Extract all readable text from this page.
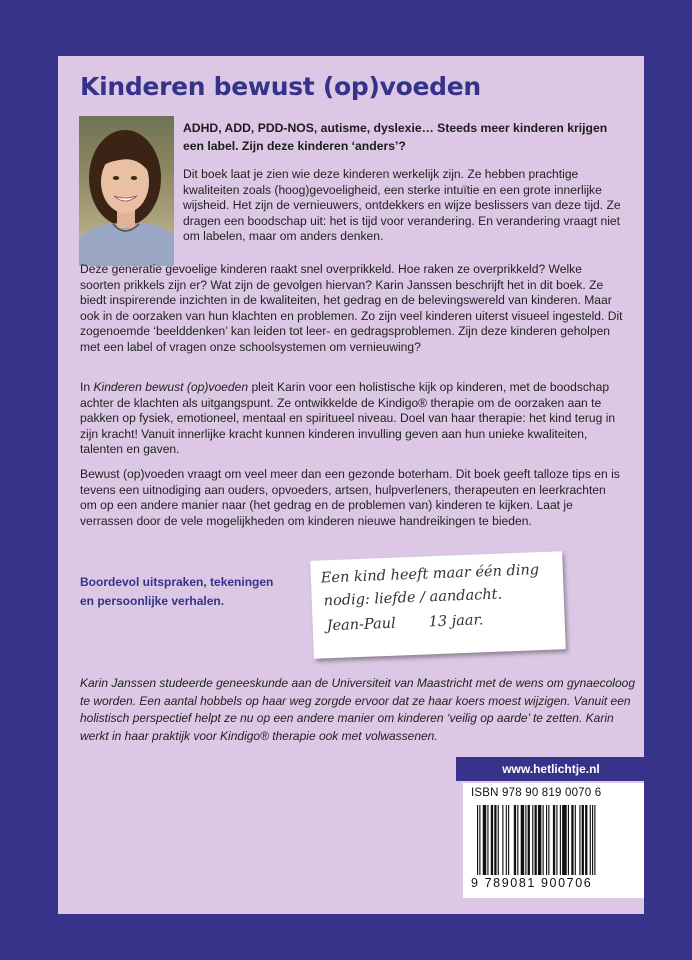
Kinderen bewust (op)voeden

ADHD, ADD, PDD-NOS, autisme, dyslexie… Steeds meer kinderen krijgen een label. Zijn deze kinderen ‘anders’?

Dit boek laat je zien wie deze kinderen werkelijk zijn. Ze hebben prachtige kwaliteiten zoals (hoog)gevoeligheid, een sterke intuïtie en een grote innerlijke wijsheid. Het zijn de vernieuwers, ontdekkers en wijze beslissers van deze tijd. Ze dragen een boodschap uit: het is tijd voor verandering. En verandering vraagt niet om labelen, maar om anders denken.

Deze generatie gevoelige kinderen raakt snel overprikkeld. Hoe raken ze overprikkeld? Welke soorten prikkels zijn er? Wat zijn de gevolgen hiervan? Karin Janssen beschrijft het in dit boek. Ze biedt inspirerende inzichten in de kwaliteiten, het gedrag en de belevingswereld van kinderen. Maar ook in de oorzaken van hun klachten en problemen. Zo zijn veel kinderen uiterst visueel ingesteld. Dit zogenoemde ‘beelddenken’ kan leiden tot leer- en gedragsproblemen. Zijn deze kinderen geholpen met een label of vragen onze schoolsystemen om vernieuwing?

In Kinderen bewust (op)voeden pleit Karin voor een holistische kijk op kinderen, met de boodschap achter de klachten als uitgangspunt. Ze ontwikkelde de Kindigo® therapie om de oorzaken aan te pakken op fysiek, emotioneel, mentaal en spiritueel niveau. Doel van haar therapie: het kind terug in zijn kracht! Vanuit innerlijke kracht kunnen kinderen invulling geven aan hun unieke kwaliteiten, talenten en gaven.

Bewust (op)voeden vraagt om veel meer dan een gezonde boterham. Dit boek geeft talloze tips en is tevens een uitnodiging aan ouders, opvoeders, artsen, hulpverleners, therapeuten en leerkrachten om op een andere manier naar (het gedrag en de problemen van) kinderen te kijken. Laat je verrassen door de vele mogelijkheden om kinderen nieuwe handreikingen te bieden.

Boordevol uitspraken, tekeningen en persoonlijke verhalen.

Een kind heeft maar één ding
nodig: liefde / aandacht.
Jean-Paul 13 jaar.

Karin Janssen studeerde geneeskunde aan de Universiteit van Maastricht met de wens om gynaecoloog te worden. Een aantal hobbels op haar weg zorgde ervoor dat ze haar koers moest wijzigen. Vanuit een holistisch perspectief helpt ze nu op een andere manier om kinderen ‘veilig op aarde’ te zetten. Karin werkt in haar praktijk voor Kindigo® therapie ook met volwassenen.

www.hetlichtje.nl
ISBN 978 90 819 0070 6
9 789081 900706
